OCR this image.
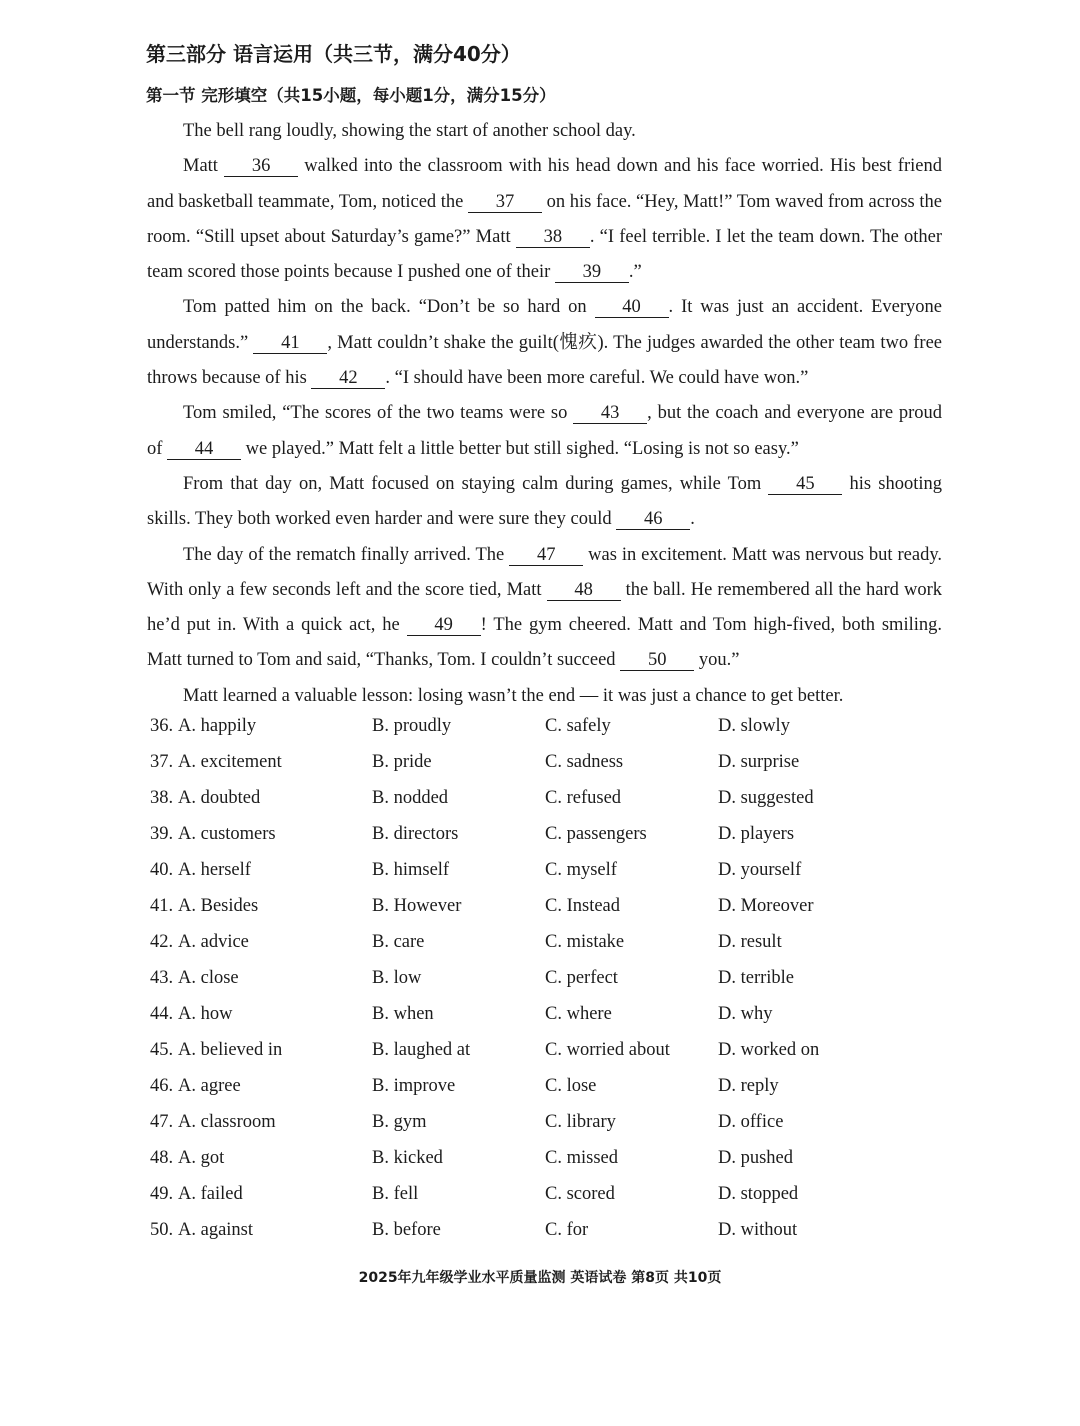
第三部分 语言运用（共三节，满分40分）
第一节 完形填空（共15小题，每小题1分，满分15分）

The bell rang loudly, showing the start of another school day.

Matt 36 walked into the classroom with his head down and his face worried. His best friend and basketball teammate, Tom, noticed the 37 on his face. “Hey, Matt!” Tom waved from across the room. “Still upset about Saturday’s game?” Matt 38 . “I feel terrible. I let the team down. The other team scored those points because I pushed one of their 39 .”

Tom patted him on the back. “Don’t be so hard on 40 . It was just an accident. Everyone understands.” 41 , Matt couldn’t shake the guilt(愧疚). The judges awarded the other team two free throws because of his 42 . “I should have been more careful. We could have won.”

Tom smiled, “The scores of the two teams were so 43 , but the coach and everyone are proud of 44 we played.” Matt felt a little better but still sighed. “Losing is not so easy.”

From that day on, Matt focused on staying calm during games, while Tom 45 his shooting skills. They both worked even harder and were sure they could 46 .

The day of the rematch finally arrived. The 47 was in excitement. Matt was nervous but ready. With only a few seconds left and the score tied, Matt 48 the ball. He remembered all the hard work he’d put in. With a quick act, he 49 ! The gym cheered. Matt and Tom high-fived, both smiling. Matt turned to Tom and said, “Thanks, Tom. I couldn’t succeed 50 you.”

Matt learned a valuable lesson: losing wasn’t the end — it was just a chance to get better.

36. A. happily	B. proudly	C. safely	D. slowly
37. A. excitement	B. pride	C. sadness	D. surprise
38. A. doubted	B. nodded	C. refused	D. suggested
39. A. customers	B. directors	C. passengers	D. players
40. A. herself	B. himself	C. myself	D. yourself
41. A. Besides	B. However	C. Instead	D. Moreover
42. A. advice	B. care	C. mistake	D. result
43. A. close	B. low	C. perfect	D. terrible
44. A. how	B. when	C. where	D. why
45. A. believed in	B. laughed at	C. worried about	D. worked on
46. A. agree	B. improve	C. lose	D. reply
47. A. classroom	B. gym	C. library	D. office
48. A. got	B. kicked	C. missed	D. pushed
49. A. failed	B. fell	C. scored	D. stopped
50. A. against	B. before	C. for	D. without
2025年九年级学业水平质量监测 英语试卷 第8页 共10页
